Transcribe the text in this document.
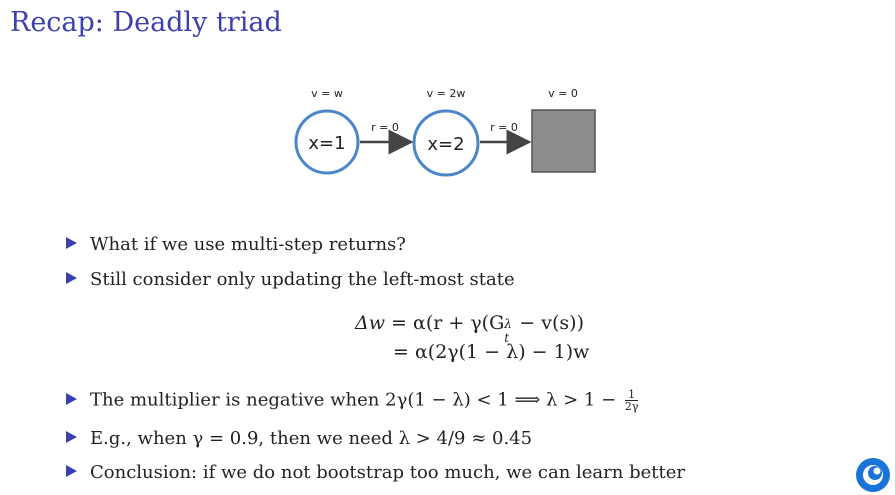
Recap: Deadly triad
v = w	v = 2w	v = 0
x=1	x=2
r = 0	r = 0
What if we use multi-step returns?
Still consider only updating the left-most state
The multiplier is negative when 2γ(1 − λ) < 1 ⟹ $\lambda > 1 - \frac{1}{2\gamma}$
E.g., when γ = 0.9, then we need λ > 4/9 ≈ 0.45
Conclusion: if we do not bootstrap too much, we can learn better
Δw = α(r + γ(G λ
t
− v(s))
= α(2γ(1 − λ) − 1)w
